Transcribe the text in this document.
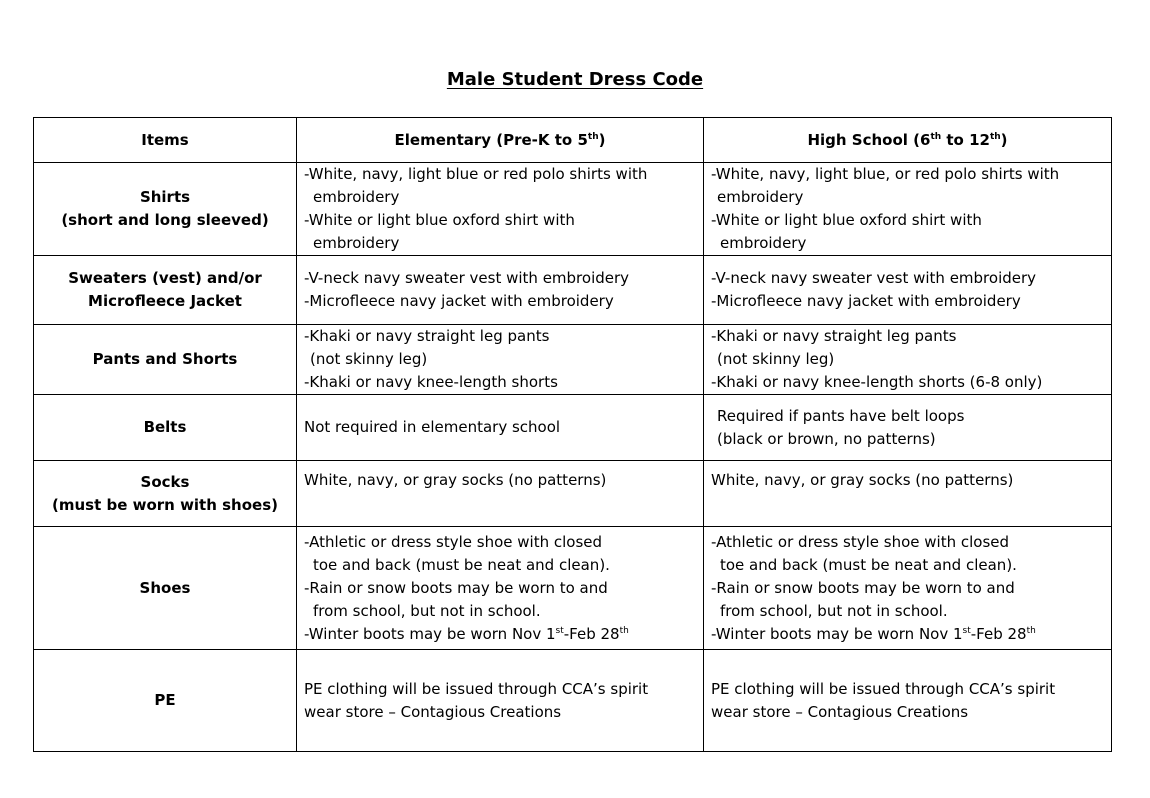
Male Student Dress Code
Items	Elementary (Pre-K to 5th)	High School (6th to 12th)

Shirts
(short and long sleeved)	-White, navy, light blue or red polo shirts with
embroidery
-White or light blue oxford shirt with
embroidery	-White, navy, light blue, or red polo shirts with
embroidery
-White or light blue oxford shirt with
embroidery

Sweaters (vest) and/or
Microfleece Jacket	-V-neck navy sweater vest with embroidery
-Microfleece navy jacket with embroidery	-V-neck navy sweater vest with embroidery
-Microfleece navy jacket with embroidery

Pants and Shorts	-Khaki or navy straight leg pants
(not skinny leg)
-Khaki or navy knee-length shorts	-Khaki or navy straight leg pants
(not skinny leg)
-Khaki or navy knee-length shorts (6-8 only)

Belts	Not required in elementary school	Required if pants have belt loops
(black or brown, no patterns)

Socks
(must be worn with shoes)	White, navy, or gray socks (no patterns)	White, navy, or gray socks (no patterns)

Shoes	-Athletic or dress style shoe with closed
toe and back (must be neat and clean).
-Rain or snow boots may be worn to and
from school, but not in school.
-Winter boots may be worn Nov 1st-Feb 28th	-Athletic or dress style shoe with closed
toe and back (must be neat and clean).
-Rain or snow boots may be worn to and
from school, but not in school.
-Winter boots may be worn Nov 1st-Feb 28th

PE	PE clothing will be issued through CCA’s spirit
wear store – Contagious Creations	PE clothing will be issued through CCA’s spirit
wear store – Contagious Creations
